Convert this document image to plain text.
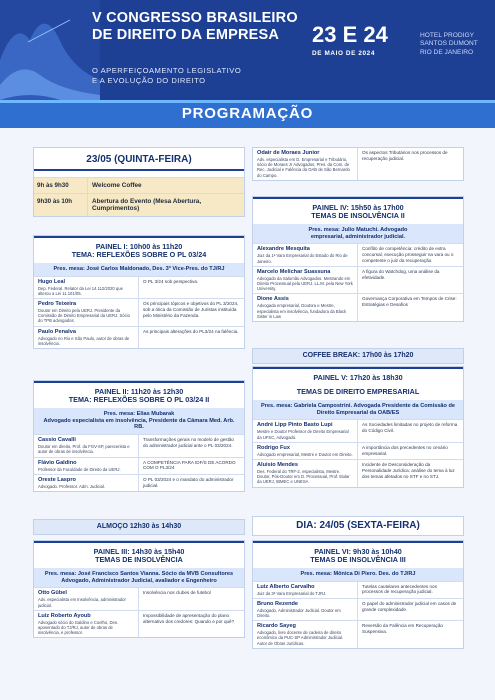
V CONGRESSO BRASILEIRO
DE DIREITO DA EMPRESA
O APERFEIÇOAMENTO LEGISLATIVO
E A EVOLUÇÃO DO DIREITO
23 E 24
DE MAIO DE 2024
HOTEL PRODIGY
SANTOS DUMONT
RIO DE JANEIRO
PROGRAMAÇÃO
23/05 (QUINTA-FEIRA)
9h às 9h30	Welcome Coffee
9h30 às 10h	Abertura do Evento (Mesa Abertura, Cumprimentos)
PAINEL I: 10h00 às 11h20
TEMA: REFLEXÕES SOBRE O PL 03/24
Pres. mesa: José Carlos Maldonado, Des. 3ª Vice-Pres. do TJ/RJ
Hugo Leal
Dep. Federal. Relator da Lei 14.112/2020 que alterou a Lei 11.101/05.
O PL 3/24 sob perspectiva.
Pedro Teixeira
Doutor em Direito pela UERJ. Presidente da Comissão de Direito Empresarial da UERJ. Sócio do TPB advogados.
Os principais tópicos e objetivos do PL 3/2024, sob a ótica da Comissão de Juristas instituída pelo Ministério da Fazenda.
Paulo Penalva
Advogado no Rio e São Paulo, autor de obras de insolvência.
As principais alterações do PL3/24 na falência.
PAINEL II: 11h20 às 12h30
TEMA: REFLEXÕES SOBRE O PL 03/24 II
Pres. mesa: Elias Mubarak
Advogado especialista em insolvência, Presidente da Câmara Med. Arb. RB.
Cassio Cavalli
Doutor em direito, Prof. da FGV-SP, parecerista e autor de obras de insolvência.
Transformações gerais no modelo de gestão do administrador judicial ante o PL 03/2024.
Flávio Galdino
Professor da Faculdade de Direito da UERJ.
A COMPETÊNCIA PARA IDF/S DE ACORDO COM O PL3/24
Oreste Laspro
Advogado. Professor. Adm. Judicial.
O PL 03/2024 e o mandato do administrador judicial.
ALMOÇO 12h30 às 14h30
PAINEL III: 14h30 às 15h40
TEMAS DE INSOLVÊNCIA
Pres. mesa: José Francisco Santos Vianna. Sócio da MVB Consultores
Advogado, Administrador Judicial, avaliador e Engenheiro
Otto Gübel
Adv. especialista em Insolvência, administrador judicial.
Insolvência nos clubes de futebol
Luiz Roberto Ayoub
Advogado sócio do Galdino e Coelho, Des. aposentado do TJ/RJ, autor de obras de insolvência, e professor.
Impossibilidade de apresentação do plano alternativo dos credores: Quando e por quê?
Odair de Moraes Junior
Adv. especialista em D. Empresarial e Tributário, sócio de Moraes Jr Advogados, Pres. da Com. de Rec. Judicial e Falência da OAB de São Bernardo do Campo.
Os aspectos Tributários nos processos de recuperação judicial.
PAINEL IV: 15h50 às 17h00
TEMAS DE INSOLVÊNCIA II
Pres. mesa: Julio Matuchi. Advogado
empresarial, administrador judicial.
Alexandre Mesquita
Juiz da 1ª Vara Empresarial do Estado do Rio de Janeiro.
Conflito de competência: crédito de extra concursal, execução prosseguir na vara ou o competente o juiz da recuperação.
Marcelo Melichar Suassuna
Advogado da Salomão Advogados. Mestrando em Direito Processual pela UERJ. LL.M. pela New York University.
A figura do Watchdog, uma análise da efetividade.
Dione Assis
Advogada empresarial, Doutora e Mestre, especialista em insolvência, fundadora da Black Sister in Law
Governança Corporativa em Tempos de Crise: Estratégias e Desafios
COFFEE BREAK: 17h00 às 17h20
PAINEL V: 17h20 às 18h30
TEMAS DE DIREITO EMPRESARIAL
Pres. mesa: Gabriela Campostrini. Advogada Presidente da Comissão de Direito Empresarial da OAB/ES
André Lipp Pinto Basto Lupi
Mestre e Doutor Professor de Direito Empresarial da UFSC, Advogado.
As Sociedades limitadas no projeto de reforma do Código Civil.
Rodrigo Fux
Advogado empresarial, Mestre e Doutor em Direito.
A importância dos precedentes no cenário empresarial.
Aluisio Mendes
Des. Federal do TRF-2, especialista, Mestre. Doutor, Pós-Doutor em D. Processual, Prof. titular da UERJ, IBMEC e UNESA
Incidente de Desconsideração da Personalidade Jurídica: análise do tema à luz dos temas afetados no STF e no STJ.
DIA: 24/05 (SEXTA-FEIRA)
PAINEL VI: 9h30 às 10h40
TEMAS DE INSOLVÊNCIA III
Pres. mesa: Mônica Di Piero. Des. do TJ/RJ
Luiz Alberto Carvalho
Juiz da 3ª Vara Empresarial do TJRJ.
Tutelas cautelares antecedentes nos processos de recuperação judicial.
Bruno Rezende
Advogado, Administrador Judicial. Doutor em Direito.
O papel do administrador judicial em casos de grande complexidade.
Ricardo Sayeg
Advogado, livre docente de cadeira de direito econômico da PUC-SP Administrador Judicial. Autor de Obras Jurídicas.
Reversão da Falência em Recuperação Suspensiva.
